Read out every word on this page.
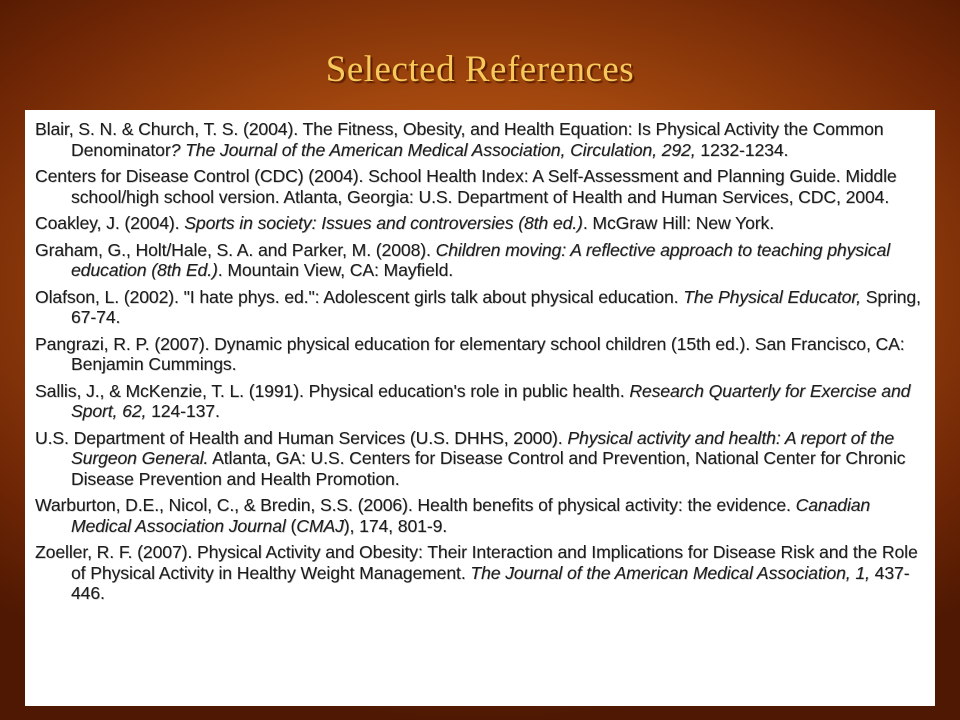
Selected References

Blair, S. N. & Church, T. S. (2004). The Fitness, Obesity, and Health Equation: Is Physical Activity the Common Denominator? The Journal of the American Medical Association, Circulation, 292, 1232-1234.

Centers for Disease Control (CDC) (2004). School Health Index: A Self-Assessment and Planning Guide. Middle school/high school version. Atlanta, Georgia: U.S. Department of Health and Human Services, CDC, 2004.

Coakley, J. (2004). Sports in society: Issues and controversies (8th ed.). McGraw Hill: New York.

Graham, G., Holt/Hale, S. A. and Parker, M. (2008). Children moving: A reflective approach to teaching physical education (8th Ed.). Mountain View, CA: Mayfield.

Olafson, L. (2002). "I hate phys. ed.": Adolescent girls talk about physical education. The Physical Educator, Spring, 67-74.

Pangrazi, R. P. (2007). Dynamic physical education for elementary school children (15th ed.). San Francisco, CA: Benjamin Cummings.

Sallis, J., & McKenzie, T. L. (1991). Physical education's role in public health. Research Quarterly for Exercise and Sport, 62, 124-137.

U.S. Department of Health and Human Services (U.S. DHHS, 2000). Physical activity and health: A report of the Surgeon General. Atlanta, GA: U.S. Centers for Disease Control and Prevention, National Center for Chronic Disease Prevention and Health Promotion.

Warburton, D.E., Nicol, C., & Bredin, S.S. (2006). Health benefits of physical activity: the evidence. Canadian Medical Association Journal (CMAJ), 174, 801-9.

Zoeller, R. F. (2007). Physical Activity and Obesity: Their Interaction and Implications for Disease Risk and the Role of Physical Activity in Healthy Weight Management. The Journal of the American Medical Association, 1, 437-446.
